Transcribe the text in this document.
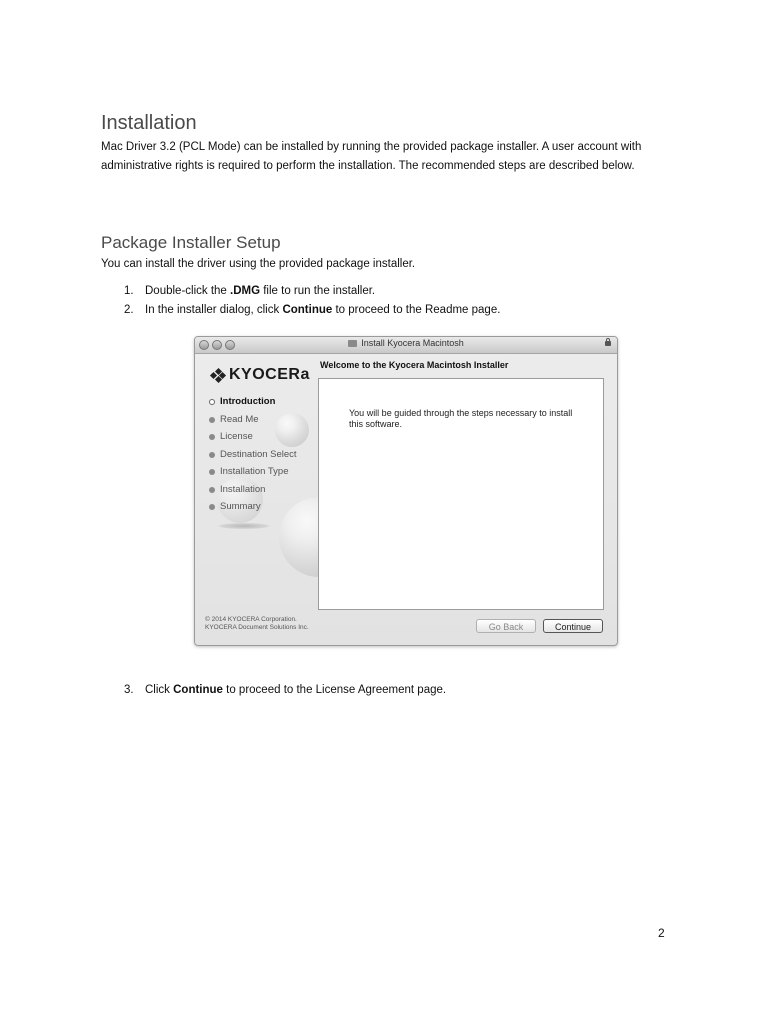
Installation

Mac Driver 3.2 (PCL Mode) can be installed by running the provided package installer. A user account with administrative rights is required to perform the installation. The recommended steps are described below.

Package Installer Setup

You can install the driver using the provided package installer.

1. Double-click the .DMG file to run the installer.
2. In the installer dialog, click Continue to proceed to the Readme page.
Install Kyocera Macintosh
KYOCERa
Introduction
Read Me
License
Destination Select
Installation Type
Installation
Summary
© 2014 KYOCERA Corporation.
KYOCERA Document Solutions Inc.
Welcome to the Kyocera Macintosh Installer
You will be guided through the steps necessary to install this software.
Go Back	Continue
3. Click Continue to proceed to the License Agreement page.
2
